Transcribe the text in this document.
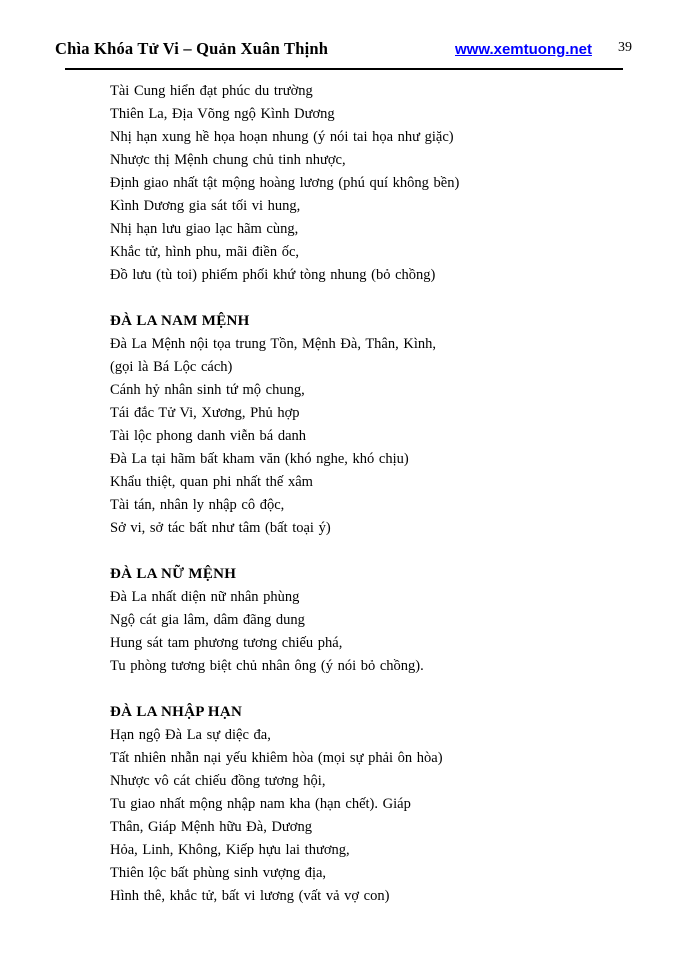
Chìa Khóa Tử Vi – Quản Xuân Thịnh	www.xemtuong.net 39
Tài Cung hiển đạt phúc du trường
Thiên La, Địa Võng ngộ Kình Dương
Nhị hạn xung hề họa hoạn nhung (ý nói tai họa như giặc)
Nhược thị Mệnh chung chủ tinh nhược,
Định giao nhất tật mộng hoàng lương (phú quí không bền)
Kình Dương gia sát tối vi hung,
Nhị hạn lưu giao lạc hãm cùng,
Khắc tử, hình phu, mãi điền ốc,
Đồ lưu (tù toi) phiếm phối khứ tòng nhung (bỏ chồng)
ĐÀ LA NAM MỆNH
Đà La Mệnh nội tọa trung Tồn, Mệnh Đà, Thân, Kình,
(gọi là Bá Lộc cách)
Cánh hỷ nhân sinh tứ mộ chung,
Tái đắc Tử Vi, Xương, Phủ hợp
Tài lộc phong danh viễn bá danh
Đà La tại hãm bất kham văn (khó nghe, khó chịu)
Khẩu thiệt, quan phi nhất thế xâm
Tài tán, nhân ly nhập cô độc,
Sở vi, sở tác bất như tâm (bất toại ý)
ĐÀ LA NỮ MỆNH
Đà La nhất diện nữ nhân phùng
Ngộ cát gia lâm, dâm đãng dung
Hung sát tam phương tương chiếu phá,
Tu phòng tương biệt chủ nhân ông (ý nói bỏ chồng).
ĐÀ LA NHẬP HẠN
Hạn ngộ Đà La sự diệc đa,
Tất nhiên nhẫn nại yếu khiêm hòa (mọi sự phải ôn hòa)
Nhược vô cát chiếu đồng tương hội,
Tu giao nhất mộng nhập nam kha (hạn chết). Giáp
Thân, Giáp Mệnh hữu Đà, Dương
Hỏa, Linh, Không, Kiếp hựu lai thương,
Thiên lộc bất phùng sinh vượng địa,
Hình thê, khắc tử, bất vi lương (vất vả vợ con)
